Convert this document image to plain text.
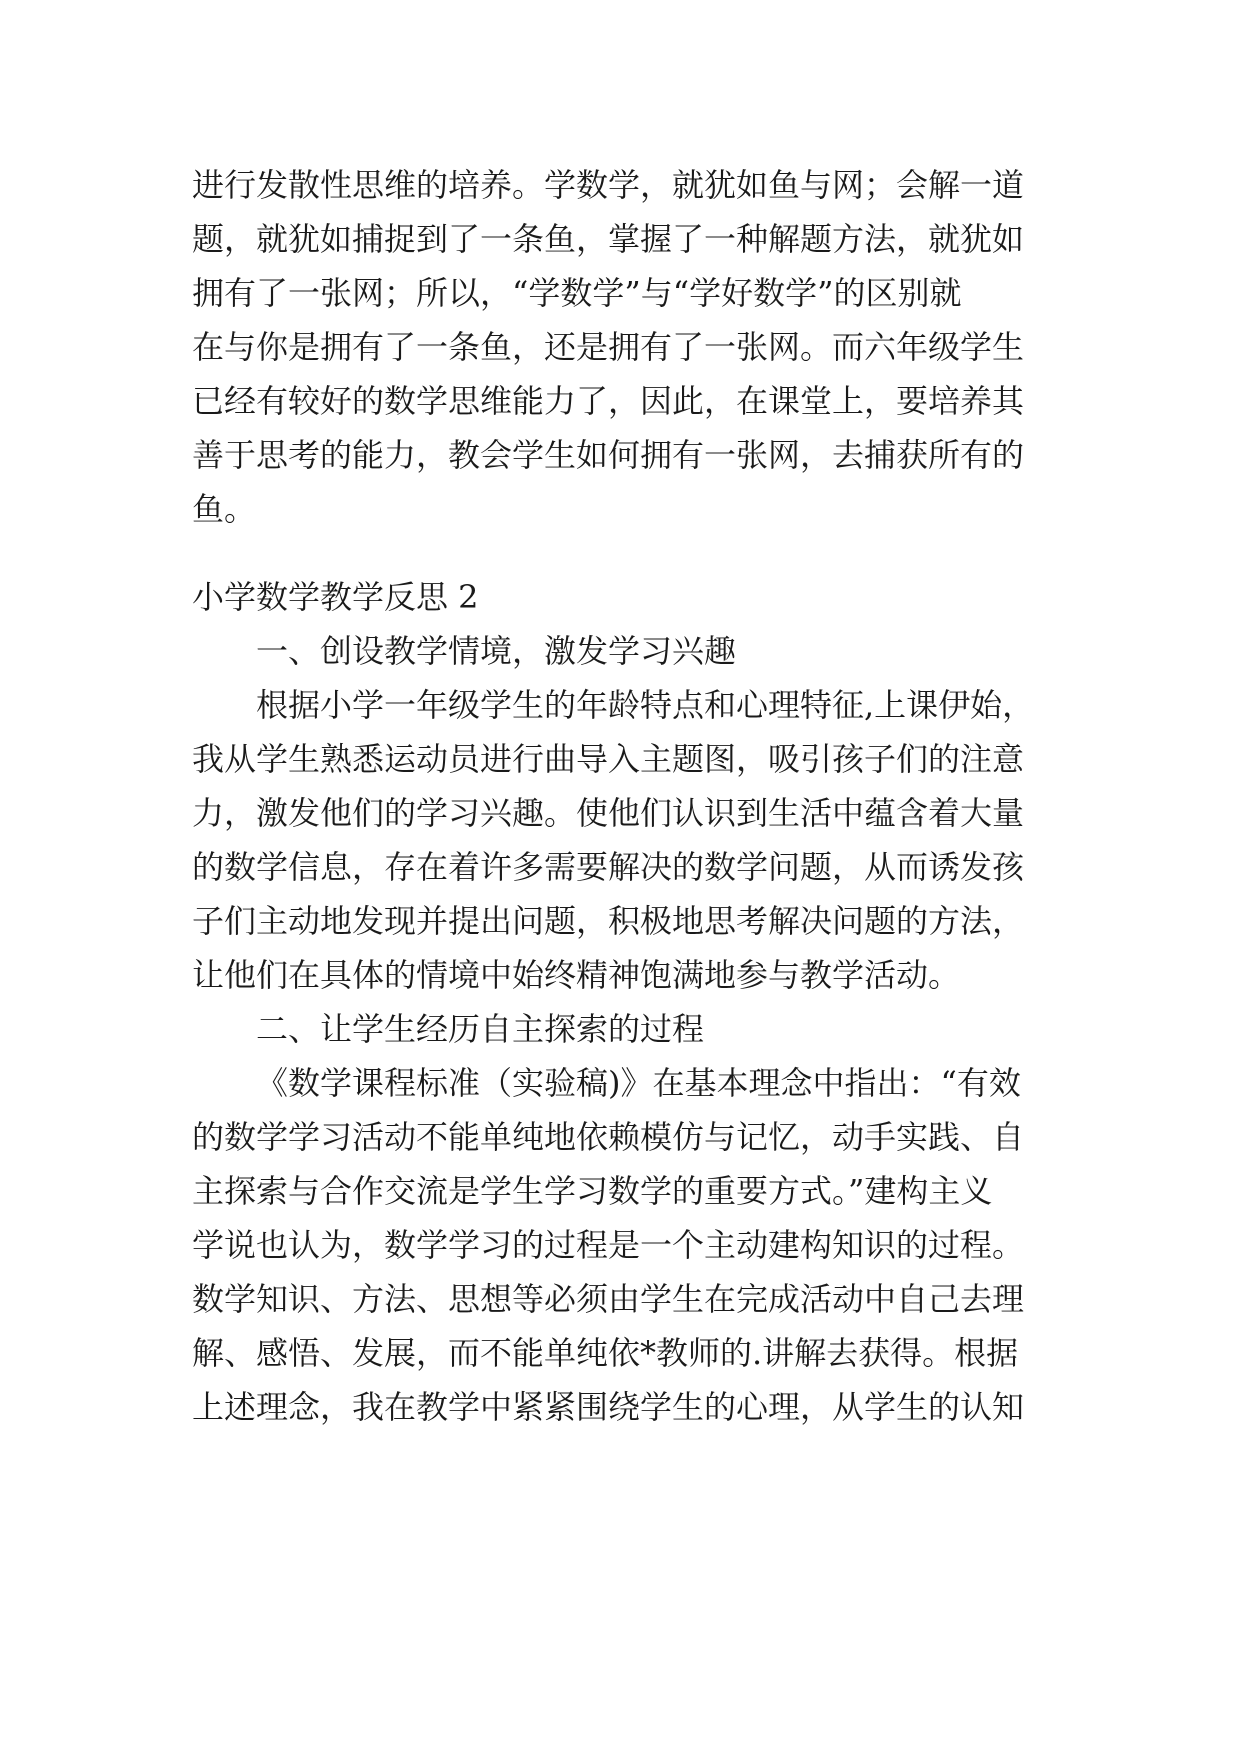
进行发散性思维的培养。学数学，就犹如鱼与网；会解一道
题，就犹如捕捉到了一条鱼，掌握了一种解题方法，就犹如
拥有了一张网；所以，“学数学”与“学好数学”的区别就
在与你是拥有了一条鱼，还是拥有了一张网。而六年级学生
已经有较好的数学思维能力了，因此，在课堂上，要培养其
善于思考的能力，教会学生如何拥有一张网，去捕获所有的
鱼。
小学数学教学反思 2
一、创设教学情境，激发学习兴趣
根据小学一年级学生的年龄特点和心理特征,上课伊始，
我从学生熟悉运动员进行曲导入主题图，吸引孩子们的注意
力，激发他们的学习兴趣。使他们认识到生活中蕴含着大量
的数学信息，存在着许多需要解决的数学问题，从而诱发孩
子们主动地发现并提出问题，积极地思考解决问题的方法，
让他们在具体的情境中始终精神饱满地参与教学活动。
二、让学生经历自主探索的过程
《数学课程标准（实验稿)》在基本理念中指出：“有效
的数学学习活动不能单纯地依赖模仿与记忆，动手实践、自
主探索与合作交流是学生学习数学的重要方式。”建构主义
学说也认为，数学学习的过程是一个主动建构知识的过程。
数学知识、方法、思想等必须由学生在完成活动中自己去理
解、感悟、发展，而不能单纯依*教师的.讲解去获得。根据
上述理念，我在教学中紧紧围绕学生的心理，从学生的认知
